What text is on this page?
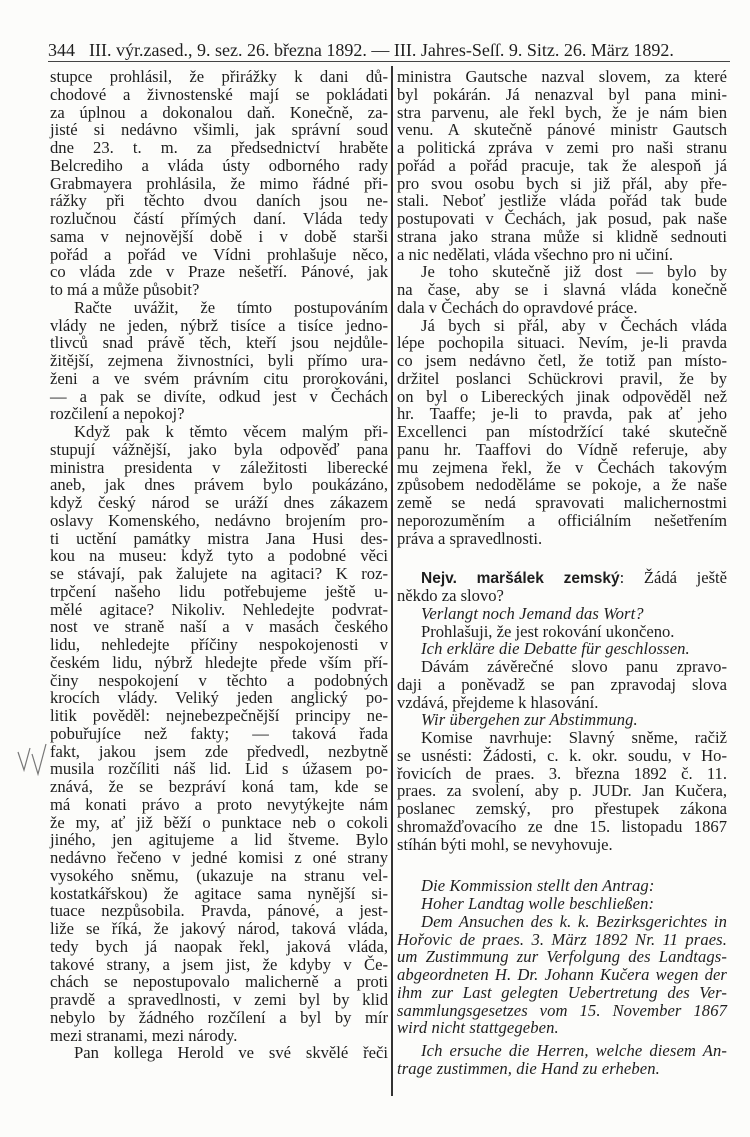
344 III. výr.zased., 9. sez. 26. března 1892. — III. Jahres-Seſſ. 9. Sitz. 26. März 1892.
stupce prohlásil, že přirážky k dani dů-
chodové a živnostenské mají se pokládati
za úplnou a dokonalou daň. Konečně, za-
jisté si nedávno všimli, jak správní soud
dne 23. t. m. za předsednictví hraběte
Belcrediho a vláda ústy odborného rady
Grabmayera prohlásila, že mimo řádné při-
rážky při těchto dvou daních jsou ne-
rozlučnou částí přímých daní. Vláda tedy
sama v nejnovější době i v době starši
pořád a pořád ve Vídni prohlašuje něco,
co vláda zde v Praze nešetří. Pánové, jak
to má a může působit?
Račte uvážit, že tímto postupováním
vlády ne jeden, nýbrž tisíce a tisíce jedno-
tlivců snad právě těch, kteří jsou nejdůle-
žitější, zejmena živnostníci, byli přímo ura-
ženi a ve svém právním citu prorokováni,
— a pak se divíte, odkud jest v Čechách
rozčilení a nepokoj?
Když pak k těmto věcem malým při-
stupují vážnější, jako byla odpověď pana
ministra presidenta v záležitosti liberecké
aneb, jak dnes právem bylo poukázáno,
když český národ se uráží dnes zákazem
oslavy Komenského, nedávno brojením pro-
ti uctění památky mistra Jana Husi des-
kou na museu: když tyto a podobné věci
se stávají, pak žalujete na agitaci? K roz-
trpčení našeho lidu potřebujeme ještě u-
mělé agitace? Nikoliv. Nehledejte podvrat-
nost ve straně naší a v masách českého
lidu, nehledejte příčiny nespokojenosti v
českém lidu, nýbrž hledejte přede vším pří-
činy nespokojení v těchto a podobných
krocích vlády. Veliký jeden anglický po-
litik pověděl: nejnebezpečnější principy ne-
pobuřujíce než fakty; — taková řada
fakt, jakou jsem zde předvedl, nezbytně
musila rozčíliti náš lid. Lid s úžasem po-
znává, že se bezpráví koná tam, kde se
má konati právo a proto nevytýkejte nám
že my, ať již běží o punktace neb o cokoli
jiného, jen agitujeme a lid štveme. Bylo
nedávno řečeno v jedné komisi z oné strany
vysokého sněmu, (ukazuje na stranu vel-
kostatkářskou) že agitace sama nynější si-
tuace nezpůsobila. Pravda, pánové, a jest-
liže se říká, že jakový národ, taková vláda,
tedy bych já naopak řekl, jaková vláda,
takové strany, a jsem jist, že kdyby v Če-
chách se nepostupovalo malicherně a proti
pravdě a spravedlnosti, v zemi byl by klid
nebylo by žádného rozčílení a byl by mír
mezi stranami, mezi národy.
Pan kollega Herold ve své skvělé řeči
ministra Gautsche nazval slovem, za které
byl pokárán. Já nenazval byl pana mini-
stra parvenu, ale řekl bych, že je nám bien
venu. A skutečně pánové ministr Gautsch
a politická zpráva v zemi pro naši stranu
pořád a pořád pracuje, tak že alespoň já
pro svou osobu bych si již přál, aby pře-
stali. Neboť jestliže vláda pořád tak bude
postupovati v Čechách, jak posud, pak naše
strana jako strana může si klidně sednouti
a nic nedělati, vláda všechno pro ni učiní.
Je toho skutečně již dost — bylo by
na čase, aby se i slavná vláda konečně
dala v Čechách do opravdové práce.
Já bych si přál, aby v Čechách vláda
lépe pochopila situaci. Nevím, je-li pravda
co jsem nedávno četl, že totiž pan místo-
držitel poslanci Schückrovi pravil, že by
on byl o Libereckých jinak odpověděl než
hr. Taaffe; je-li to pravda, pak ať jeho
Excellenci pan místodržící také skutečně
panu hr. Taaffovi do Vídně referuje, aby
mu zejmena řekl, že v Čechách takovým
způsobem nedoděláme se pokoje, a že naše
země se nedá spravovati malichernostmi
neporozuměním a officiálním nešetřením
práva a spravedlnosti.
Nejv. maršálek zemský: Žádá ještě
někdo za slovo?
Verlangt noch Jemand das Wort?
Prohlašuji, že jest rokování ukončeno.
Ich erkläre die Debatte für geschlossen.
Dávám závěrečné slovo panu zpravo-
daji a poněvadž se pan zpravodaj slova
vzdává, přejdeme k hlasování.
Wir übergehen zur Abstimmung.
Komise navrhuje: Slavný sněme, račiž
se usnésti: Žádosti, c. k. okr. soudu, v Ho-
řovicích de praes. 3. března 1892 č. 11.
praes. za svolení, aby p. JUDr. Jan Kučera,
poslanec zemský, pro přestupek zákona
shromažďovacího ze dne 15. listopadu 1867
stíhán býti mohl, se nevyhovuje.
Die Kommission stellt den Antrag:
Hoher Landtag wolle beschließen:
Dem Ansuchen des k. k. Bezirksgerichtes in
Hořovic de praes. 3. März 1892 Nr. 11 praes.
um Zustimmung zur Verfolgung des Landtags-
abgeordneten H. Dr. Johann Kučera wegen der
ihm zur Last gelegten Uebertretung des Ver-
sammlungsgesetzes vom 15. November 1867
wird nicht stattgegeben.
Ich ersuche die Herren, welche diesem An-
trage zustimmen, die Hand zu erheben.
